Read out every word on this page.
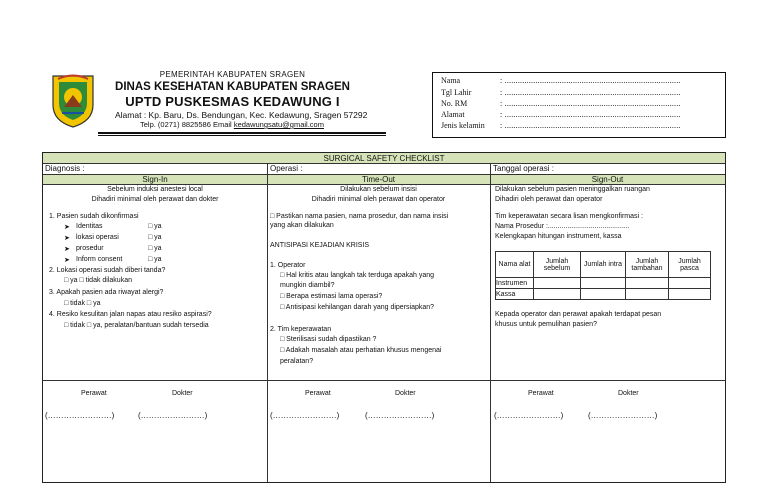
PEMERINTAH KABUPATEN SRAGEN
DINAS KESEHATAN KABUPATEN SRAGEN
UPTD PUSKESMAS KEDAWUNG I
Alamat : Kp. Baru, Ds. Bendungan, Kec. Kedawung, Sragen 57292
Telp. (0271) 8825586 Email kedawungsatu@gmail.com
Nama	: ................................................................................
Tgl Lahir	: ................................................................................
No. RM	: ................................................................................
Alamat	: ................................................................................
Jenis kelamin : ................................................................................
SURGICAL SAFETY CHECKLIST
Diagnosis :	Operasi :	Tanggal operasi :
Sign-In	Time-Out	Sign-Out
Sebelum induksi anestesi local
Dihadiri minimal oleh perawat dan dokter
1. Pasien sudah dikonfirmasi
➤ Identitas	□ ya
➤ lokasi operasi	□ ya
➤ prosedur	□ ya
➤ Inform consent	□ ya
2. Lokasi operasi sudah diberi tanda?
□ ya □ tidak dilakukan
3. Apakah pasien ada riwayat alergi?
□ tidak □ ya
4. Resiko kesulitan jalan napas atau resiko aspirasi?
□ tidak □ ya, peralatan/bantuan sudah tersedia
Dilakukan sebelum insisi
Dihadiri minimal oleh perawat dan operator
□ Pastikan nama pasien, nama prosedur, dan nama insisi
yang akan dilakukan
ANTISIPASI KEJADIAN KRISIS
1. Operator
□ Hal kritis atau langkah tak terduga apakah yang
mungkin diambil?
□ Berapa estimasi lama operasi?
□ Antisipasi kehilangan darah yang dipersiapkan?
2. Tim keperawatan
□ Sterilisasi sudah dipastikan ?
□ Adakah masalah atau perhatian khusus mengenai
peralatan?
Dilakukan sebelum pasien meninggalkan ruangan
Dihadiri oleh perawat dan operator
Tim keperawatan secara lisan mengkonfirmasi :
Nama Prosedur :..........................................
Kelengkapan hitungan instrument, kassa
Nama alat	Jumlah sebelum	Jumlah intra	Jumlah tambahan	Jumlah pasca
Instrumen				
Kassa				
Kepada operator dan perawat apakah terdapat pesan
khusus untuk pemulihan pasien?
Perawat	Dokter
(……………………)	(……………………)
Perawat	Dokter
(……………………)	(……………………)
Perawat	Dokter
(……………………)	(……………………)
